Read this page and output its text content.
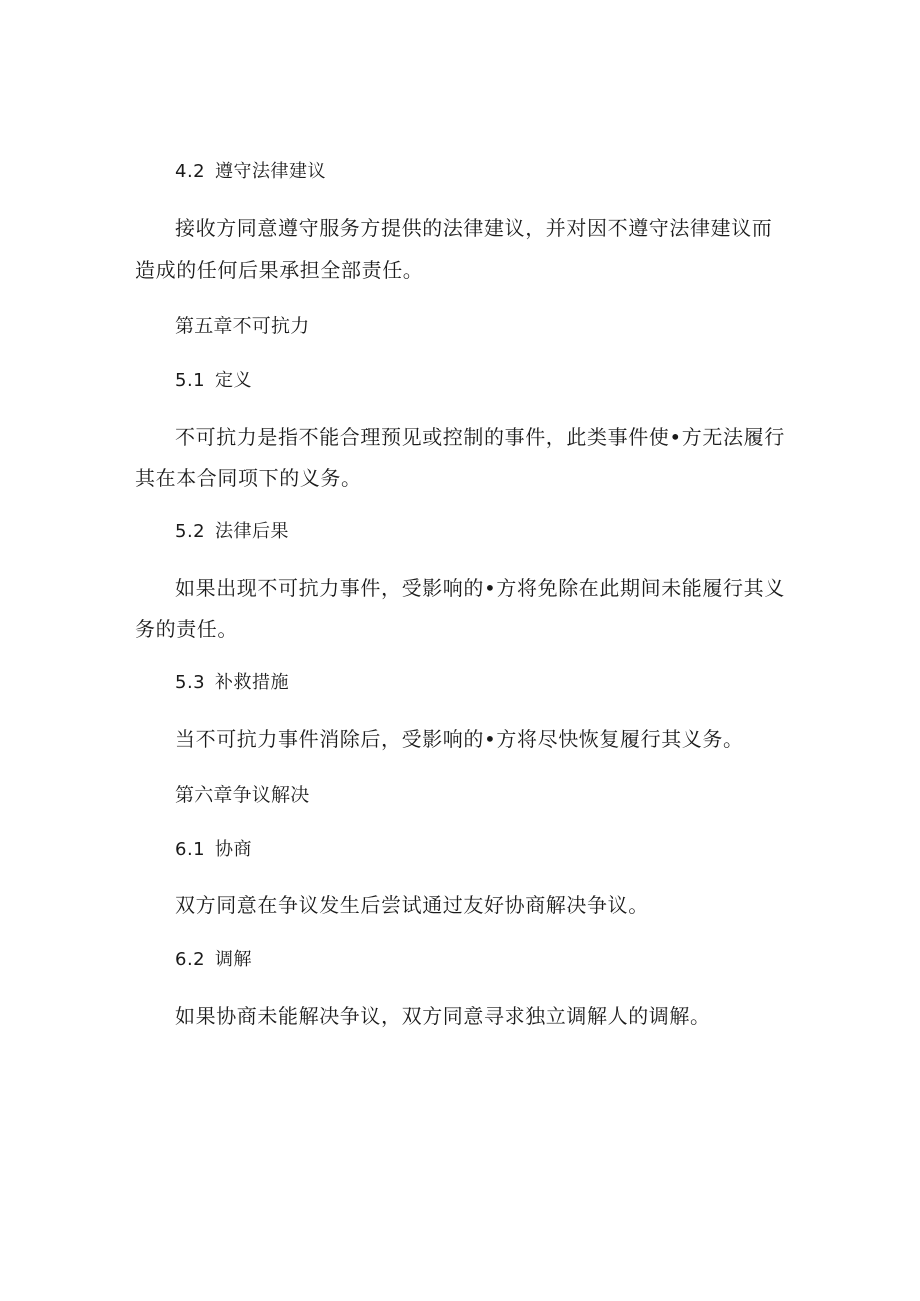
4.2 遵守法律建议
接收方同意遵守服务方提供的法律建议，并对因不遵守法律建议而
造成的任何后果承担全部责任。
第五章不可抗力
5.1 定义
不可抗力是指不能合理预见或控制的事件，此类事件使•方无法履行
其在本合同项下的义务。
5.2 法律后果
如果出现不可抗力事件，受影响的•方将免除在此期间未能履行其义
务的责任。
5.3 补救措施
当不可抗力事件消除后，受影响的•方将尽快恢复履行其义务。
第六章争议解决
6.1 协商
双方同意在争议发生后尝试通过友好协商解决争议。
6.2 调解
如果协商未能解决争议，双方同意寻求独立调解人的调解。
